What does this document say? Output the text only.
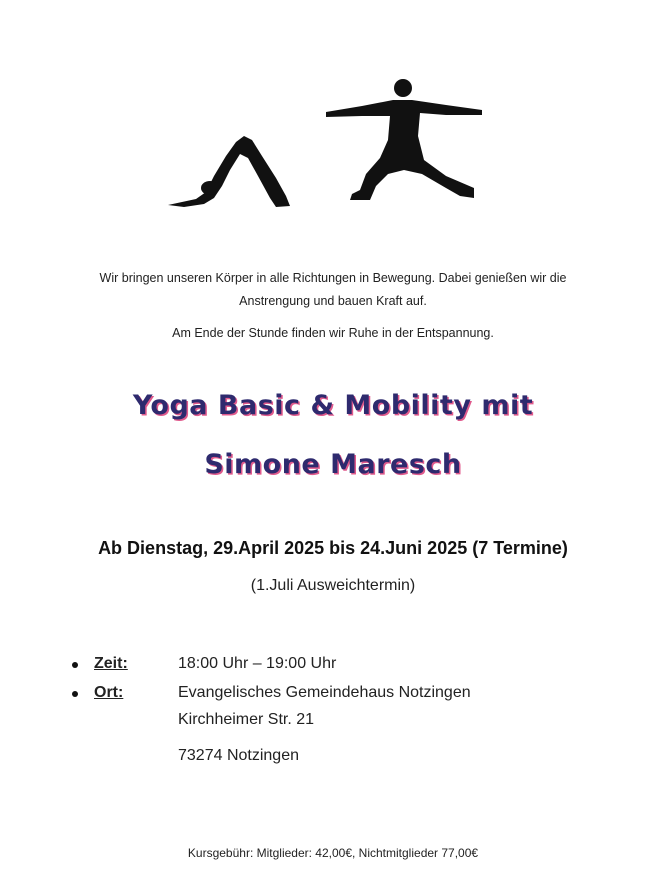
Wir bringen unseren Körper in alle Richtungen in Bewegung. Dabei genießen wir die
Anstrengung und bauen Kraft auf.
Am Ende der Stunde finden wir Ruhe in der Entspannung.
Yoga Basic & Mobility mit
Simone Maresch
Ab Dienstag, 29.April 2025 bis 24.Juni 2025 (7 Termine)
(1.Juli Ausweichtermin)
Zeit:	18:00 Uhr – 19:00 Uhr
Ort:	Evangelisches Gemeindehaus Notzingen
Kirchheimer Str. 21
73274 Notzingen
Kursgebühr: Mitglieder: 42,00€, Nichtmitglieder 77,00€
